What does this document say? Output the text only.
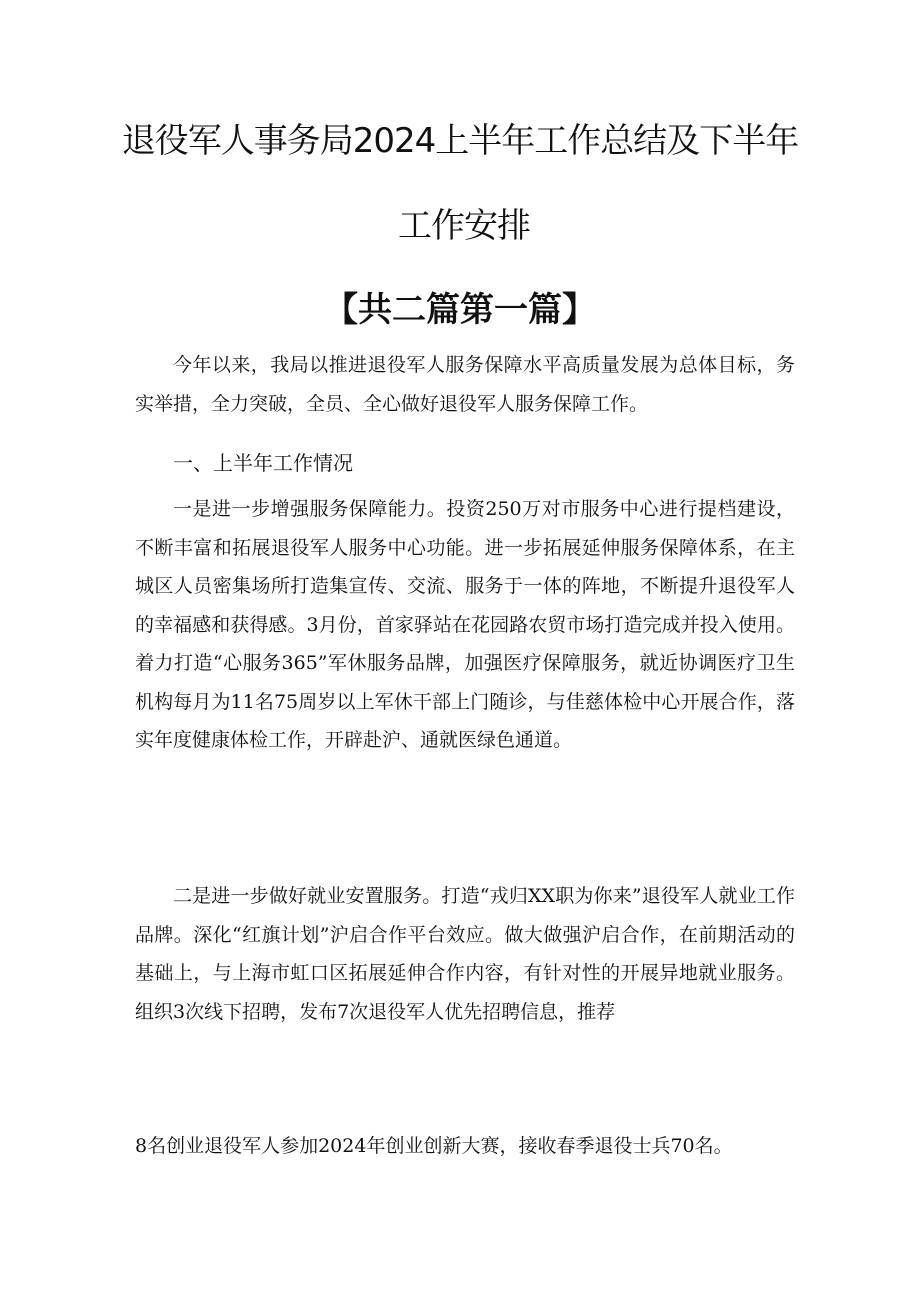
退役军人事务局2024上半年工作总结及下半年
工作安排
【共二篇第一篇】
今年以来，我局以推进退役军人服务保障水平高质量发展为总体目标，务实举措，全力突破，全员、全心做好退役军人服务保障工作。
一、上半年工作情况
一是进一步增强服务保障能力。投资250万对市服务中心进行提档建设，不断丰富和拓展退役军人服务中心功能。进一步拓展延伸服务保障体系，在主城区人员密集场所打造集宣传、交流、服务于一体的阵地，不断提升退役军人的幸福感和获得感。3月份，首家驿站在花园路农贸市场打造完成并投入使用。着力打造“心服务365”军休服务品牌，加强医疗保障服务，就近协调医疗卫生机构每月为11名75周岁以上军休干部上门随诊，与佳慈体检中心开展合作，落实年度健康体检工作，开辟赴沪、通就医绿色通道。
二是进一步做好就业安置服务。打造“戎归XX职为你来”退役军人就业工作品牌。深化“红旗计划”沪启合作平台效应。做大做强沪启合作，在前期活动的基础上，与上海市虹口区拓展延伸合作内容，有针对性的开展异地就业服务。组织3次线下招聘，发布7次退役军人优先招聘信息，推荐
8名创业退役军人参加2024年创业创新大赛，接收春季退役士兵70名。
